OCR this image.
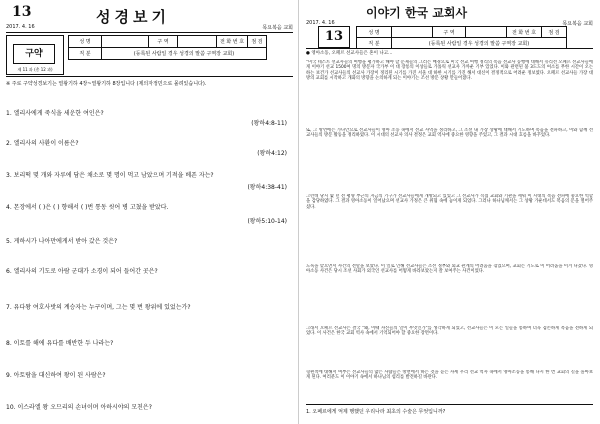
13
2017. 4. 16
성경보기
목요복음 교회
구약
제 11 과 (총 12 과)
성 명		구 역		전 화 번 호	점 검
직 분	(등록된 사람일 경우 성경의 말씀 구역장 교회)				
※ 주로 구약성경보기는 열왕기하 4장~열왕기하 8장입니다 (제의자정민으로 몰려있습니다).
1. 엘리사에게 죽식을 세운한 여인은?
(왕하4:8-11)
2. 엘리사의 사환이 이름은?
(왕하4:12)
3. 보리떡 몇 개와 자루에 담은 채소로 몇 명이 먹고 남았으며 기적을 베픈 자는?
(왕하4:38-41)
4. 몬장에서 ( )은 ( ) 향해서 ( )번 통동 씻어 병 고쳤을 받았다.
(왕하5:10-14)
5. 게하시가 나아만에게서 받아 갔은 것은?
6. 엘리사의 기도로 아람 군대가 소경이 되어 들어간 곳은?
7. 유다왕 여호사밧의 계승자는 누구이며, 그는 몇 번 왕위에 있었는가?
8. 이토를 해에 유다를 배반한 두 나라는?
9. 아토람을 대신하여 왕이 된 사람은?
10. 이스라엘 왕 오므리의 손녀이며 아하시야의 모친은?
이야기 한국 교회사
2017. 4. 16
13
목요복음 교회
성 명		구 역		전 화 번 호	점 검
직 분	(등록된 사람일 경우 성경의 말씀 구역장 교회)				
● 영아소동, 오페르 선교사들은 혼이 나고...
"미국 테스트 선교사들의 여행을 평가하고 해야 할 문제들의 그러는 배경으로 미국 선교 여행 정리의 복음 선교사 동행에 대해서 유리선 오페르 선교사들에게 이야기 선교 1500여 명의 방문자 국가부 이 대 장통의 이상들로 가톨릭 선교사 가까운 기부 있었다. 이와 관련된 불 3도도의 여소를 무한 시간이 오는 하는 보건가 선교사들의 선교사 가장이 정리된 시기를 가진 서울 대 하한 시기를 가진 해서 대신이 결정적으로 어려운 정보였다. 오페르 선교사들 가장 대방의 교회를 시작하고 개화의 방향을 논의하게 되는 이야기는 조선 방문 상황 만들어졌다.
또, 그 방면에는 가나안으로 선교사들이 영아 소동 속에서 선교 사역을 정리하고, 그 조선 내 가장 상황에 대해서 기도하며 복음을 전파하고, 이와 함께 선교사들의 방문 활동을 정리하였다. 이 시대의 선교사 의사 결정은 교회 역사에 중요한 영향을 주었고, 그 결과 시대 흐름을 바꾸었다.
그런데 당시 몇 년 전 평양 부근의 지금의 기구가 선교사들에게 개방되고 있었고 그 선교사가 직접 교회와 기관을 세워 이 시대의 복음 전파에 중요한 역할을 감당하였다. 그 결과 영아소동이 일어났으며 선교사 가정은 큰 위협 속에 놓이게 되었다. 그러나 하나님께서는 그 상황 가운데서도 복음의 문을 열어주셨다.
도둑을 맞으면서 사건의 전말을 보았다. 이 일로 인해 선교사들은 조선 정부와 외교 관계의 어려움을 겪었으며, 교회는 기도로 이 어려움을 이겨 나갔다. 영아소동 사건은 당시 조선 사회가 외국인 선교사를 어떻게 바라보았는지 잘 보여주는 사건이었다.
그래서 오페르 선교사는 결국 "왜, 이때 자신들의 일이 무엇인가"를 생각하게 되었고, 선교사들은 이 모든 일들을 통하여 더욱 겸손하게 복음을 전하게 되었다. 이 사건은 한국 교회 역사 속에서 기억되어야 할 중요한 장면이다.
형편적에 대해서 여부은 선교사들의 많은 사람들은 방면에서 하는 것을 듣는 자세 우리 선교 역사 속에서 영아소동을 통해 다시 한 번 교회의 길을 돌아보게 된다. 여러분도 이 이야기 속에서 하나님의 섭리를 발견하길 바란다.
1. 오페르에게 억제 행했던 우리나라 최초의 수술은 무엇입니까?
